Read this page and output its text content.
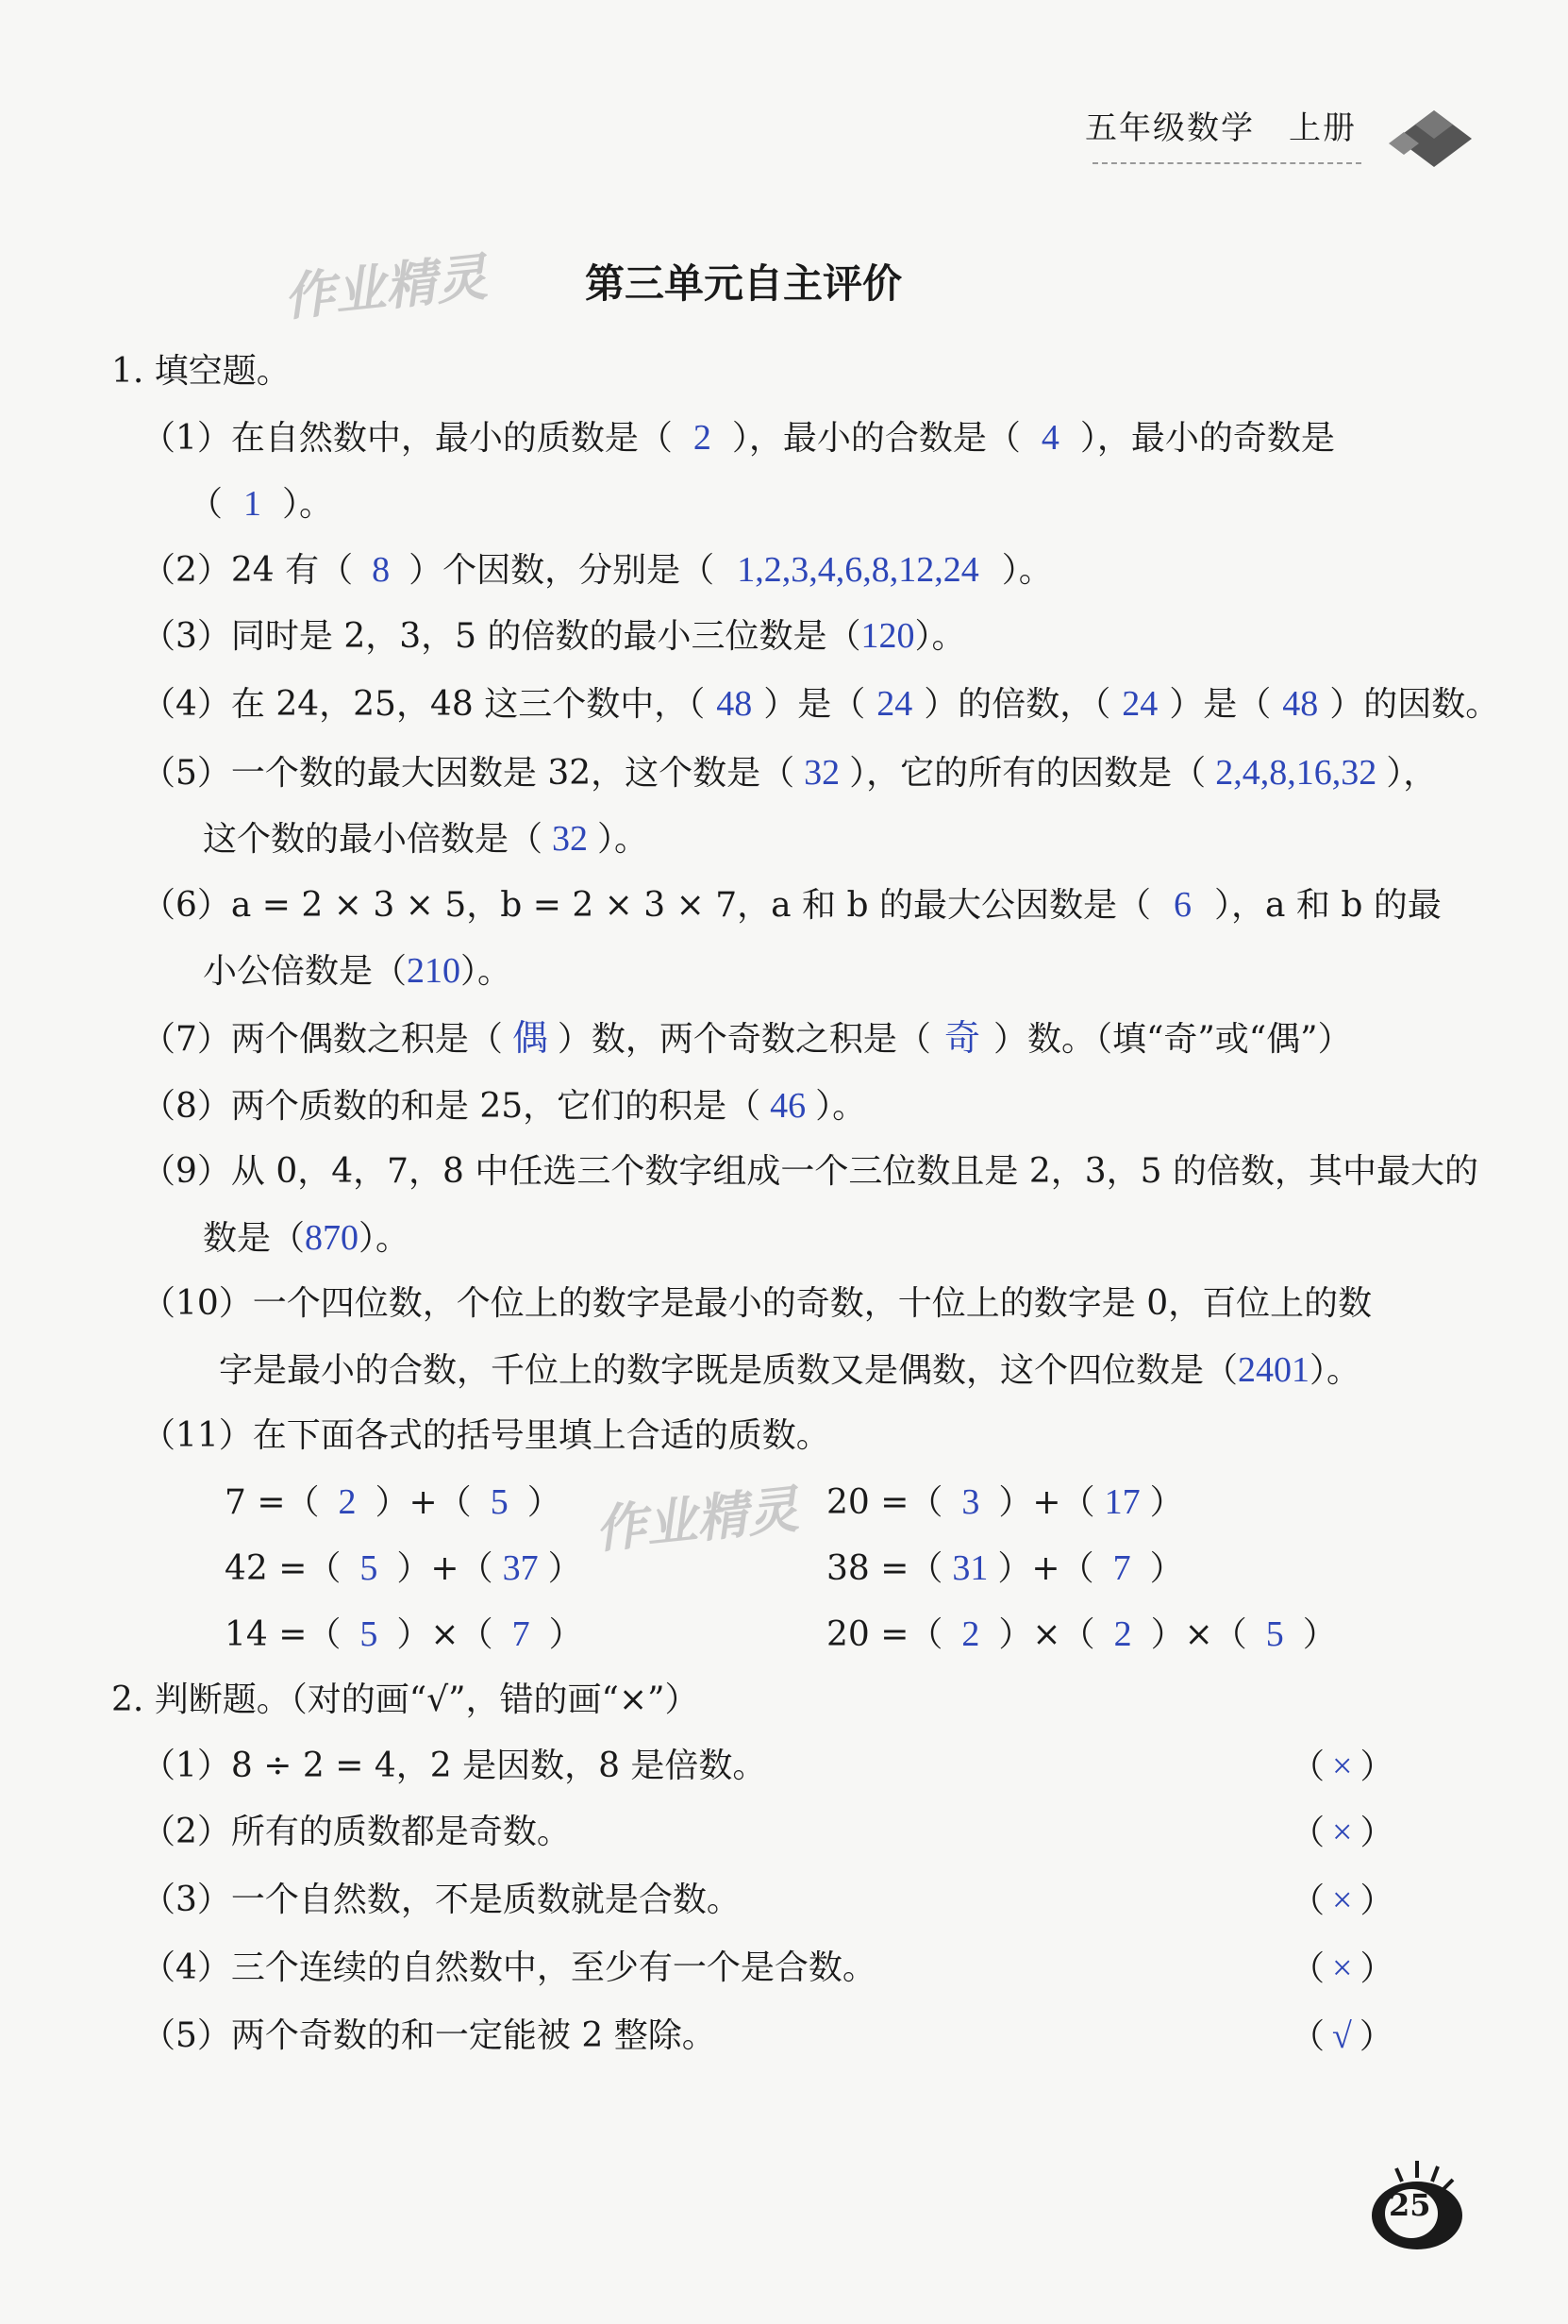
五年级数学　上册
作业精灵 第三单元自主评价
1. 填空题。
（1）在自然数中，最小的质数是（ 2 ），最小的合数是（ 4 ），最小的奇数是
（ 1 ）。
（2）24 有（ 8 ）个因数，分别是（ 1,2,3,4,6,8,12,24 ）。
（3）同时是 2，3，5 的倍数的最小三位数是（120）。
（4）在 24，25，48 这三个数中，（ 48 ）是（ 24 ）的倍数，（ 24 ）是（ 48 ）的因数。
（5）一个数的最大因数是 32，这个数是（ 32 ），它的所有的因数是（ 2,4,8,16,32 ），
这个数的最小倍数是（ 32 ）。
（6）a = 2 × 3 × 5，b = 2 × 3 × 7，a 和 b 的最大公因数是（ 6 ），a 和 b 的最
小公倍数是（210）。
（7）两个偶数之积是（ 偶 ）数，两个奇数之积是（ 奇 ）数。（填“奇”或“偶”）
（8）两个质数的和是 25，它们的积是（ 46 ）。
（9）从 0，4，7，8 中任选三个数字组成一个三位数且是 2，3，5 的倍数，其中最大的
数是（870）。
（10）一个四位数，个位上的数字是最小的奇数，十位上的数字是 0，百位上的数
字是最小的合数，千位上的数字既是质数又是偶数，这个四位数是（2401）。
（11）在下面各式的括号里填上合适的质数。
作业精灵
7 =（ 2 ）+（ 5 ）	20 =（ 3 ）+（ 17 ）
42 =（ 5 ）+（ 37 ）	38 =（ 31 ）+（ 7 ）
14 =（ 5 ）×（ 7 ）	20 =（ 2 ）×（ 2 ）×（ 5 ）
2. 判断题。（对的画“√”，错的画“×”）
（1）8 ÷ 2 = 4，2 是因数，8 是倍数。	（ × ）
（2）所有的质数都是奇数。	（ × ）
（3）一个自然数，不是质数就是合数。	（ × ）
（4）三个连续的自然数中，至少有一个是合数。	（ × ）
（5）两个奇数的和一定能被 2 整除。	（ √ ）
25
